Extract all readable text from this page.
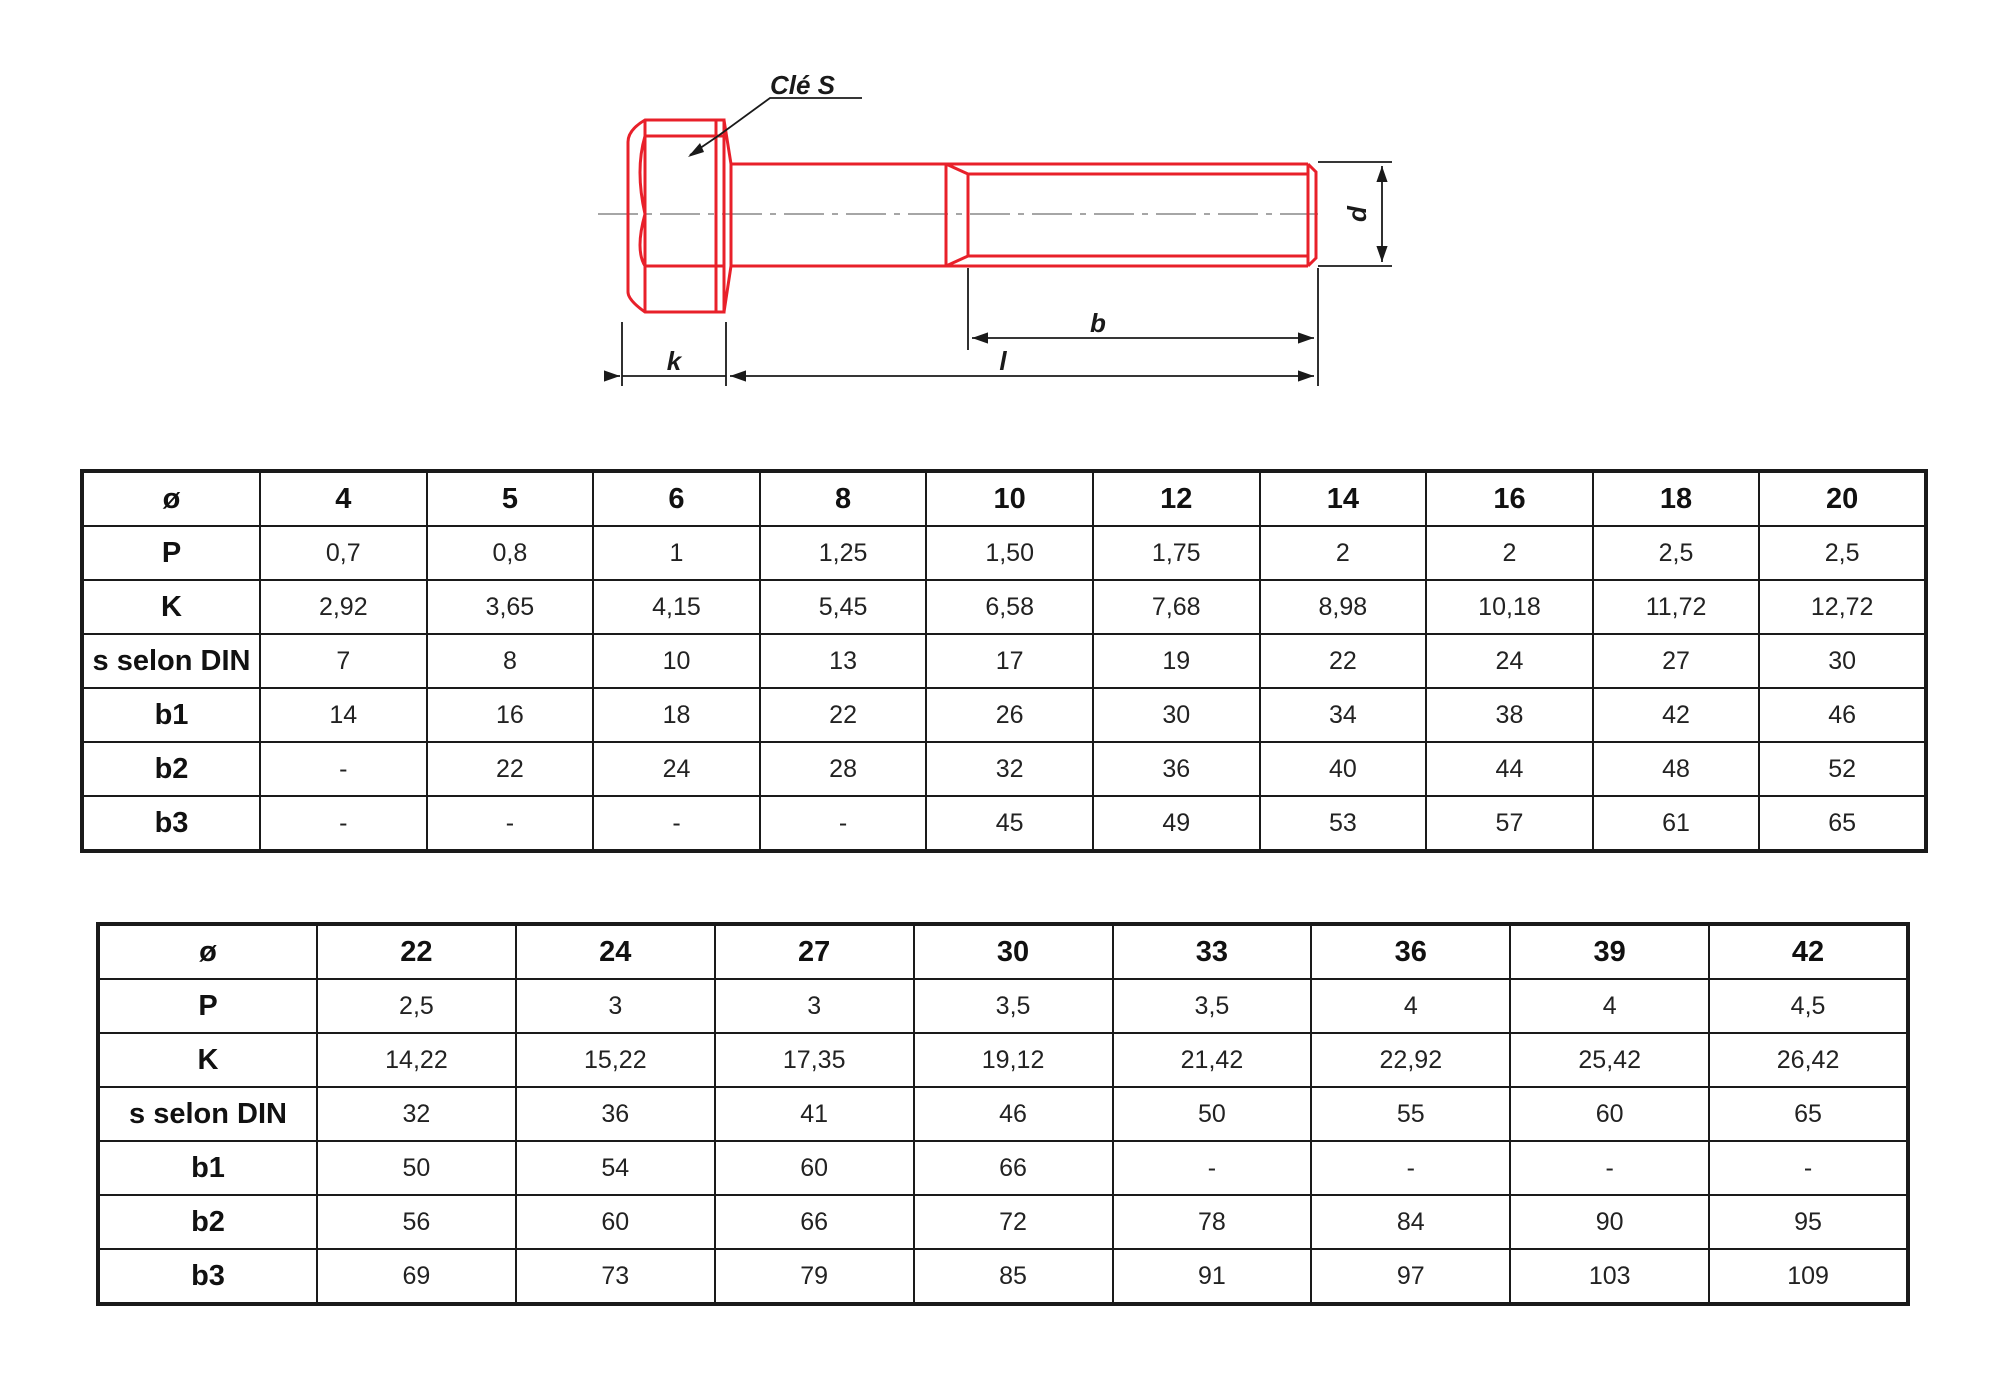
Clé S
d
b
k	l
ø	4	5	6	8	10	12	14	16	18	20
P	0,7	0,8	1	1,25	1,50	1,75	2	2	2,5	2,5
K	2,92	3,65	4,15	5,45	6,58	7,68	8,98	10,18	11,72	12,72
s selon DIN	7	8	10	13	17	19	22	24	27	30
b1	14	16	18	22	26	30	34	38	42	46
b2	-	22	24	28	32	36	40	44	48	52
b3	-	-	-	-	45	49	53	57	61	65
ø	22	24	27	30	33	36	39	42
P	2,5	3	3	3,5	3,5	4	4	4,5
K	14,22	15,22	17,35	19,12	21,42	22,92	25,42	26,42
s selon DIN	32	36	41	46	50	55	60	65
b1	50	54	60	66	-	-	-	-
b2	56	60	66	72	78	84	90	95
b3	69	73	79	85	91	97	103	109
